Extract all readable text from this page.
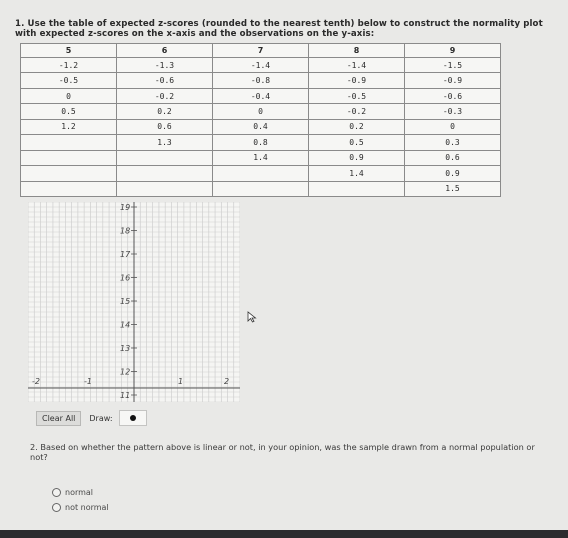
1. Use the table of expected z-scores (rounded to the nearest tenth) below to construct the normality plot with expected z-scores on the x-axis and the observations on the y-axis:
5	6	7	8	9
-1.2	-1.3	-1.4	-1.4	-1.5
-0.5	-0.6	-0.8	-0.9	-0.9
0	-0.2	-0.4	-0.5	-0.6
0.5	0.2	0	-0.2	-0.3
1.2	0.6	0.4	0.2	0
	1.3	0.8	0.5	0.3
		1.4	0.9	0.6
			1.4	0.9
				1.5
-2	-1	1	2
11
12
13
14
15
16
17
18
19
Clear All	Draw:
2. Based on whether the pattern above is linear or not, in your opinion, was the sample drawn from a normal population or not?
normal
not normal
